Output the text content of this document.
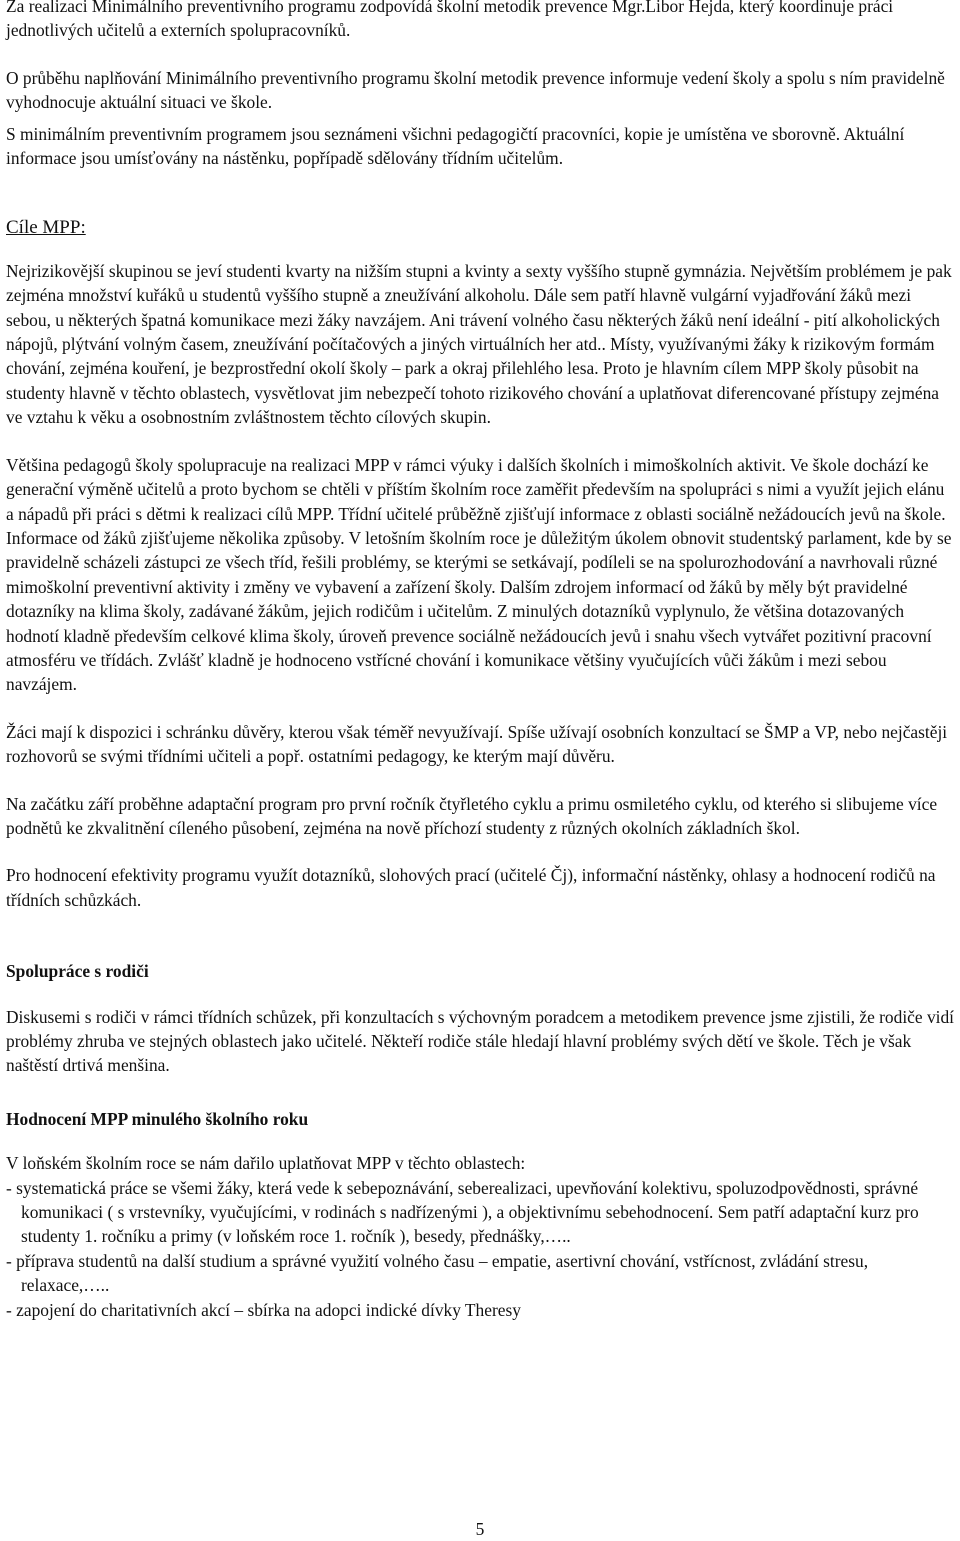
Za realizaci Minimálního preventivního programu zodpovídá školní metodik prevence Mgr.Libor Hejda, který koordinuje práci jednotlivých učitelů a externích spolupracovníků.

O průběhu naplňování Minimálního preventivního programu školní metodik prevence informuje vedení školy a spolu s ním pravidelně vyhodnocuje aktuální situaci ve škole.

S minimálním preventivním programem jsou seznámeni všichni pedagogičtí pracovníci, kopie je umístěna ve sborovně. Aktuální informace jsou umísťovány na nástěnku, popřípadě sdělovány třídním učitelům.

Cíle MPP:

Nejrizikovější skupinou se jeví studenti kvarty na nižším stupni a kvinty a sexty vyššího stupně gymnázia. Největším problémem je pak zejména množství kuřáků u studentů vyššího stupně a zneužívání alkoholu. Dále sem patří hlavně vulgární vyjadřování žáků mezi sebou, u některých špatná komunikace mezi žáky navzájem. Ani trávení volného času některých žáků není ideální - pití alkoholických nápojů, plýtvání volným časem, zneužívání počítačových a jiných virtuálních her atd.. Místy, využívanými žáky k rizikovým formám chování, zejména kouření, je bezprostřední okolí školy – park a okraj přilehlého lesa. Proto je hlavním cílem MPP školy působit na studenty hlavně v těchto oblastech, vysvětlovat jim nebezpečí tohoto rizikového chování a uplatňovat diferencované přístupy zejména ve vztahu k věku a osobnostním zvláštnostem těchto cílových skupin.

Většina pedagogů školy spolupracuje na realizaci MPP v rámci výuky i dalších školních i mimoškolních aktivit. Ve škole dochází ke generační výměně učitelů a proto bychom se chtěli v příštím školním roce zaměřit především na spolupráci s nimi a využít jejich elánu a nápadů při práci s dětmi k realizaci cílů MPP. Třídní učitelé průběžně zjišťují informace z oblasti sociálně nežádoucích jevů na škole. Informace od žáků zjišťujeme několika způsoby. V letošním školním roce je důležitým úkolem obnovit studentský parlament, kde by se pravidelně scházeli zástupci ze všech tříd, řešili problémy, se kterými se setkávají, podíleli se na spolurozhodování a navrhovali různé mimoškolní preventivní aktivity i změny ve vybavení a zařízení školy. Dalším zdrojem informací od žáků by měly být pravidelné dotazníky na klima školy, zadávané žákům, jejich rodičům i učitelům. Z minulých dotazníků vyplynulo, že většina dotazovaných hodnotí kladně především celkové klima školy, úroveň prevence sociálně nežádoucích jevů i snahu všech vytvářet pozitivní pracovní atmosféru ve třídách. Zvlášť kladně je hodnoceno vstřícné chování i komunikace většiny vyučujících vůči žákům i mezi sebou navzájem.

Žáci mají k dispozici i schránku důvěry, kterou však téměř nevyužívají. Spíše užívají osobních konzultací se ŠMP a VP, nebo nejčastěji rozhovorů se svými třídními učiteli a popř. ostatními pedagogy, ke kterým mají důvěru.

Na začátku září proběhne adaptační program pro první ročník čtyřletého cyklu a primu osmiletého cyklu, od kterého si slibujeme více podnětů ke zkvalitnění cíleného působení, zejména na nově příchozí studenty z různých okolních základních škol.

Pro hodnocení efektivity programu využít dotazníků, slohových prací (učitelé Čj), informační nástěnky, ohlasy a hodnocení rodičů na třídních schůzkách.

Spolupráce s rodiči

Diskusemi s rodiči v rámci třídních schůzek, při konzultacích s výchovným poradcem a metodikem prevence jsme zjistili, že rodiče vidí problémy zhruba ve stejných oblastech jako učitelé. Někteří rodiče stále hledají hlavní problémy svých dětí ve škole. Těch je však naštěstí drtivá menšina.

Hodnocení MPP minulého školního roku

V loňském školním roce se nám dařilo uplatňovat MPP v těchto oblastech:

- systematická práce se všemi žáky, která vede k sebepoznávání, seberealizaci, upevňování kolektivu, spoluzodpovědnosti, správné komunikaci ( s vrstevníky, vyučujícími, v rodinách s nadřízenými ), a objektivnímu sebehodnocení. Sem patří adaptační kurz pro studenty 1. ročníku a primy (v loňském roce 1. ročník ), besedy, přednášky,…..
- příprava studentů na další studium a správné využití volného času – empatie, asertivní chování, vstřícnost, zvládání stresu, relaxace,…..
- zapojení do charitativních akcí – sbírka na adopci indické dívky Theresy
5
